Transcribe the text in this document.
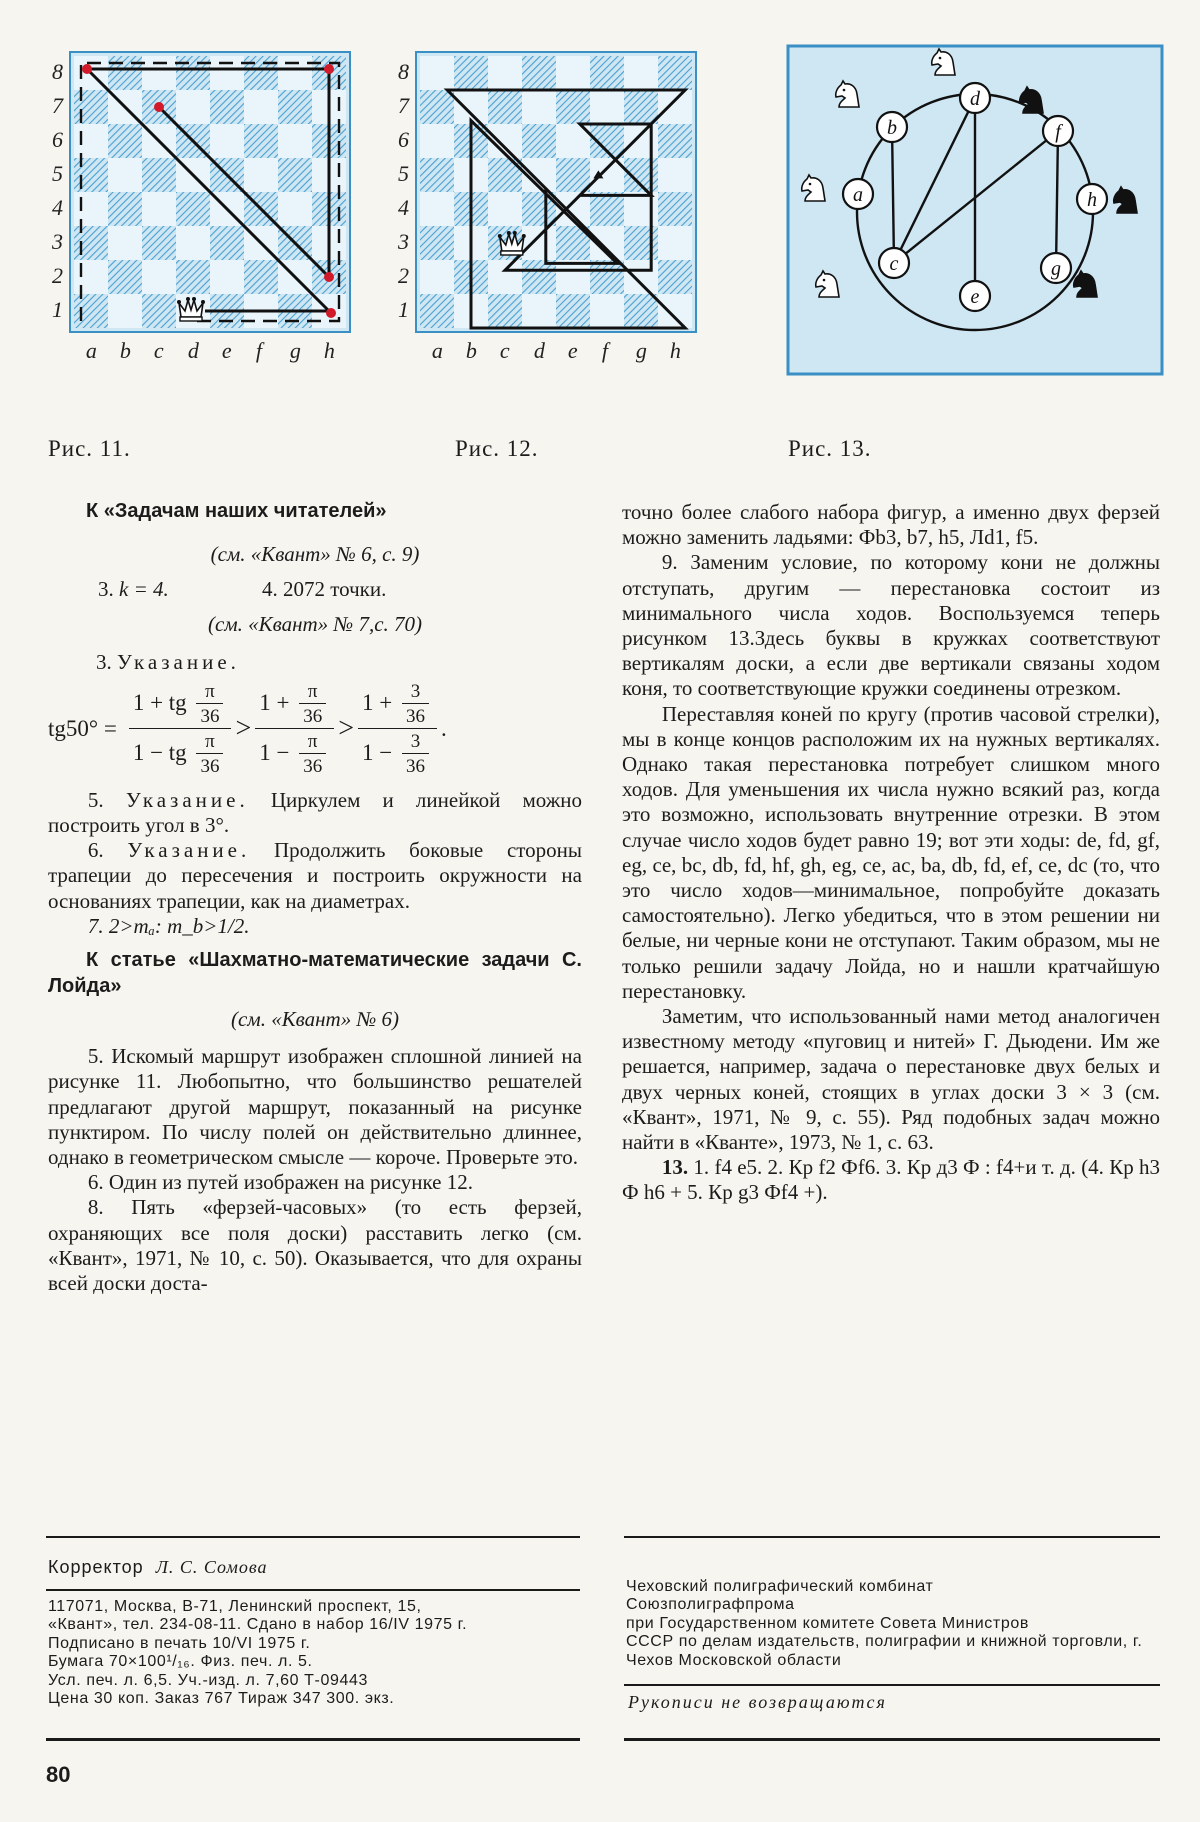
8
7
6
5
4
3
2
1
a b c d e f g h
8
7
6
5
4
3
2
1
a b c d e f g h
a
b
c
d
e
f
g
h
Рис. 11.	Рис. 12.	Рис. 13.

К «Задачам наших читателей»

(см. «Квант» № 6, с. 9)
3. k = 4.	4. 2072 точки.
(см. «Квант» № 7,с. 70)
3. Указание.
$tg50^\circ = \frac{1 + tg \frac{\pi}{36}}{1 - tg \frac{\pi}{36}} > \frac{1 + \frac{\pi}{36}}{1 - \frac{\pi}{36}} > \frac{1 + \frac{3}{36}}{1 - \frac{3}{36}}$ .

5. Указание. Циркулем и линейкой можно построить угол в 3°.

6. Указание. Продолжить боковые стороны трапеции до пересечения и построить окружности на основаниях трапеции, как на диаметрах.

7. 2>mₐ: m_b>1/2.

К статье «Шахматно-математические задачи С. Лойда»

(см. «Квант» № 6)

5. Искомый маршрут изображен сплошной линией на рисунке 11. Любопытно, что большинство решателей предлагают другой маршрут, показанный на рисунке пунктиром. По числу полей он действительно длиннее, однако в геометрическом смысле — короче. Проверьте это.

6. Один из путей изображен на рисунке 12.

8. Пять «ферзей-часовых» (то есть ферзей, охраняющих все поля доски) расставить легко (см. «Квант», 1971, № 10, с. 50). Оказывается, что для охраны всей доски доста-

точно более слабого набора фигур, а именно двух ферзей можно заменить ладьями: Фb3, b7, h5, Лd1, f5.

9. Заменим условие, по которому кони не должны отступать, другим — перестановка состоит из минимального числа ходов. Воспользуемся теперь рисунком 13.Здесь буквы в кружках соответствуют вертикалям доски, а если две вертикали связаны ходом коня, то соответствующие кружки соединены отрезком.

Переставляя коней по кругу (против часовой стрелки), мы в конце концов расположим их на нужных вертикалях. Однако такая перестановка потребует слишком много ходов. Для уменьшения их числа нужно всякий раз, когда это возможно, использовать внутренние отрезки. В этом случае число ходов будет равно 19; вот эти ходы: de, fd, gf, eg, ce, bc, db, fd, hf, gh, eg, ce, ac, ba, db, fd, ef, ce, dc (то, что это число ходов—минимальное, попробуйте доказать самостоятельно). Легко убедиться, что в этом решении ни белые, ни черные кони не отступают. Таким образом, мы не только решили задачу Лойда, но и нашли кратчайшую перестановку.

Заметим, что использованный нами метод аналогичен известному методу «пуговиц и нитей» Г. Дьюдени. Им же решается, например, задача о перестановке двух белых и двух черных коней, стоящих в углах доски 3 × 3 (см. «Квант», 1971, № 9, с. 55). Ряд подобных задач можно найти в «Кванте», 1973, № 1, с. 63.

13. 1. f4 e5. 2. Кр f2 Фf6. 3. Кр д3 Ф : f4+и т. д. (4. Кр h3 Ф h6 + 5. Кр g3 Фf4 +).

Корректор Л. С. Сомова
117071, Москва, В-71, Ленинский проспект, 15,
«Квант», тел. 234-08-11. Сдано в набор 16/IV 1975 г.
Подписано в печать 10/VI 1975 г.
Бумага 70×100¹/₁₆. Физ. печ. л. 5.
Усл. печ. л. 6,5. Уч.-изд. л. 7,60 Т-09443
Цена 30 коп. Заказ 767 Тираж 347 300. экз.
Чеховский полиграфический комбинат
Союзполиграфпрома
при Государственном комитете Совета Министров
СССР по делам издательств, полиграфии и книжной торговли, г. Чехов Московской области
Рукописи не возвращаются
80
